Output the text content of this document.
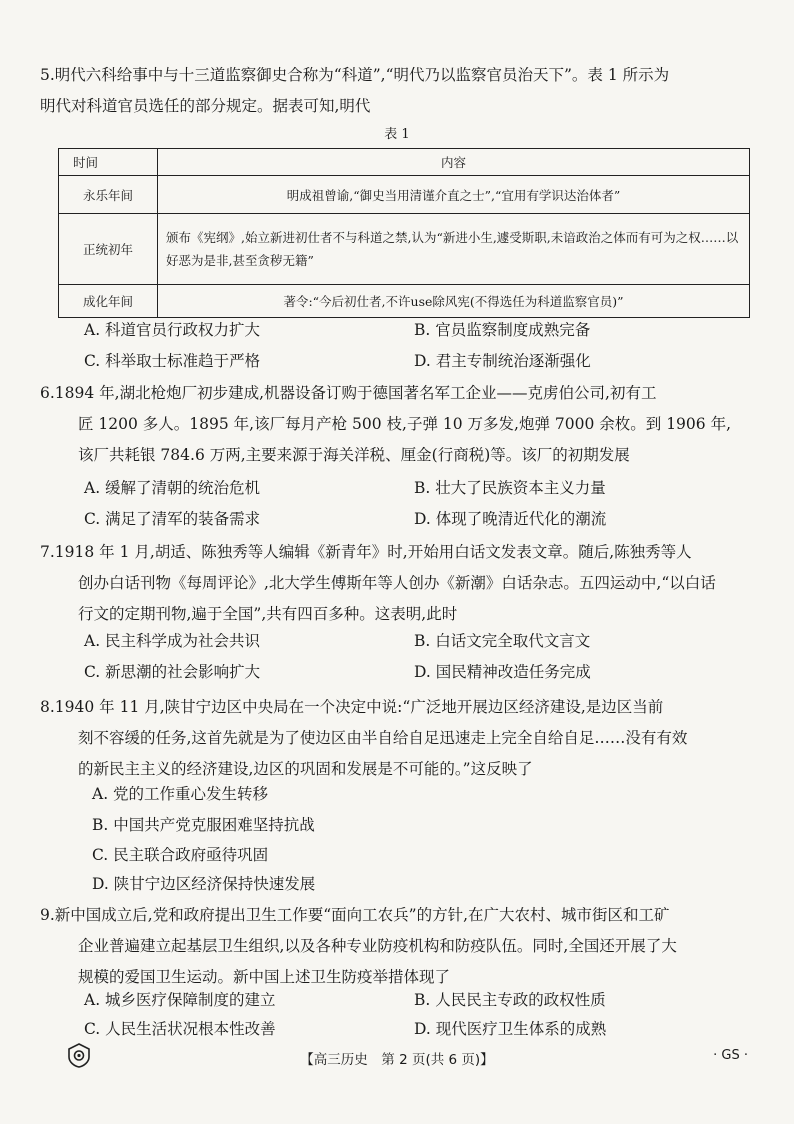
5.明代六科给事中与十三道监察御史合称为“科道”,“明代乃以监察官员治天下”。表 1 所示为

明代对科道官员选任的部分规定。据表可知,明代

表 1
时间	内容
永乐年间	明成祖曾谕,“御史当用清谨介直之士”,“宜用有学识达治体者”
正统初年	颁布《宪纲》,始立新进初仕者不与科道之禁,认为“新进小生,遽受斯职,未谙政治之体而有可为之权……以好恶为是非,甚至贪秽无籍”
成化年间	著令:“今后初仕者,不许use除风宪(不得选任为科道监察官员)”
A. 科道官员行政权力扩大	B. 官员监察制度成熟完备
C. 科举取士标准趋于严格	D. 君主专制统治逐渐强化

6.1894 年,湖北枪炮厂初步建成,机器设备订购于德国著名军工企业——克虏伯公司,初有工

匠 1200 多人。1895 年,该厂每月产枪 500 枝,子弹 10 万多发,炮弹 7000 余枚。到 1906 年,

该厂共耗银 784.6 万两,主要来源于海关洋税、厘金(行商税)等。该厂的初期发展

A. 缓解了清朝的统治危机	B. 壮大了民族资本主义力量
C. 满足了清军的装备需求	D. 体现了晚清近代化的潮流

7.1918 年 1 月,胡适、陈独秀等人编辑《新青年》时,开始用白话文发表文章。随后,陈独秀等人

创办白话刊物《每周评论》,北大学生傅斯年等人创办《新潮》白话杂志。五四运动中,“以白话

行文的定期刊物,遍于全国”,共有四百多种。这表明,此时

A. 民主科学成为社会共识	B. 白话文完全取代文言文
C. 新思潮的社会影响扩大	D. 国民精神改造任务完成

8.1940 年 11 月,陕甘宁边区中央局在一个决定中说:“广泛地开展边区经济建设,是边区当前

刻不容缓的任务,这首先就是为了使边区由半自给自足迅速走上完全自给自足……没有有效

的新民主主义的经济建设,边区的巩固和发展是不可能的。”这反映了

A. 党的工作重心发生转移
B. 中国共产党克服困难坚持抗战
C. 民主联合政府亟待巩固
D. 陕甘宁边区经济保持快速发展

9.新中国成立后,党和政府提出卫生工作要“面向工农兵”的方针,在广大农村、城市街区和工矿

企业普遍建立起基层卫生组织,以及各种专业防疫机构和防疫队伍。同时,全国还开展了大

规模的爱国卫生运动。新中国上述卫生防疫举措体现了

A. 城乡医疗保障制度的建立	B. 人民民主专政的政权性质
C. 人民生活状况根本性改善	D. 现代医疗卫生体系的成熟
【高三历史　第 2 页(共 6 页)】	· GS ·
